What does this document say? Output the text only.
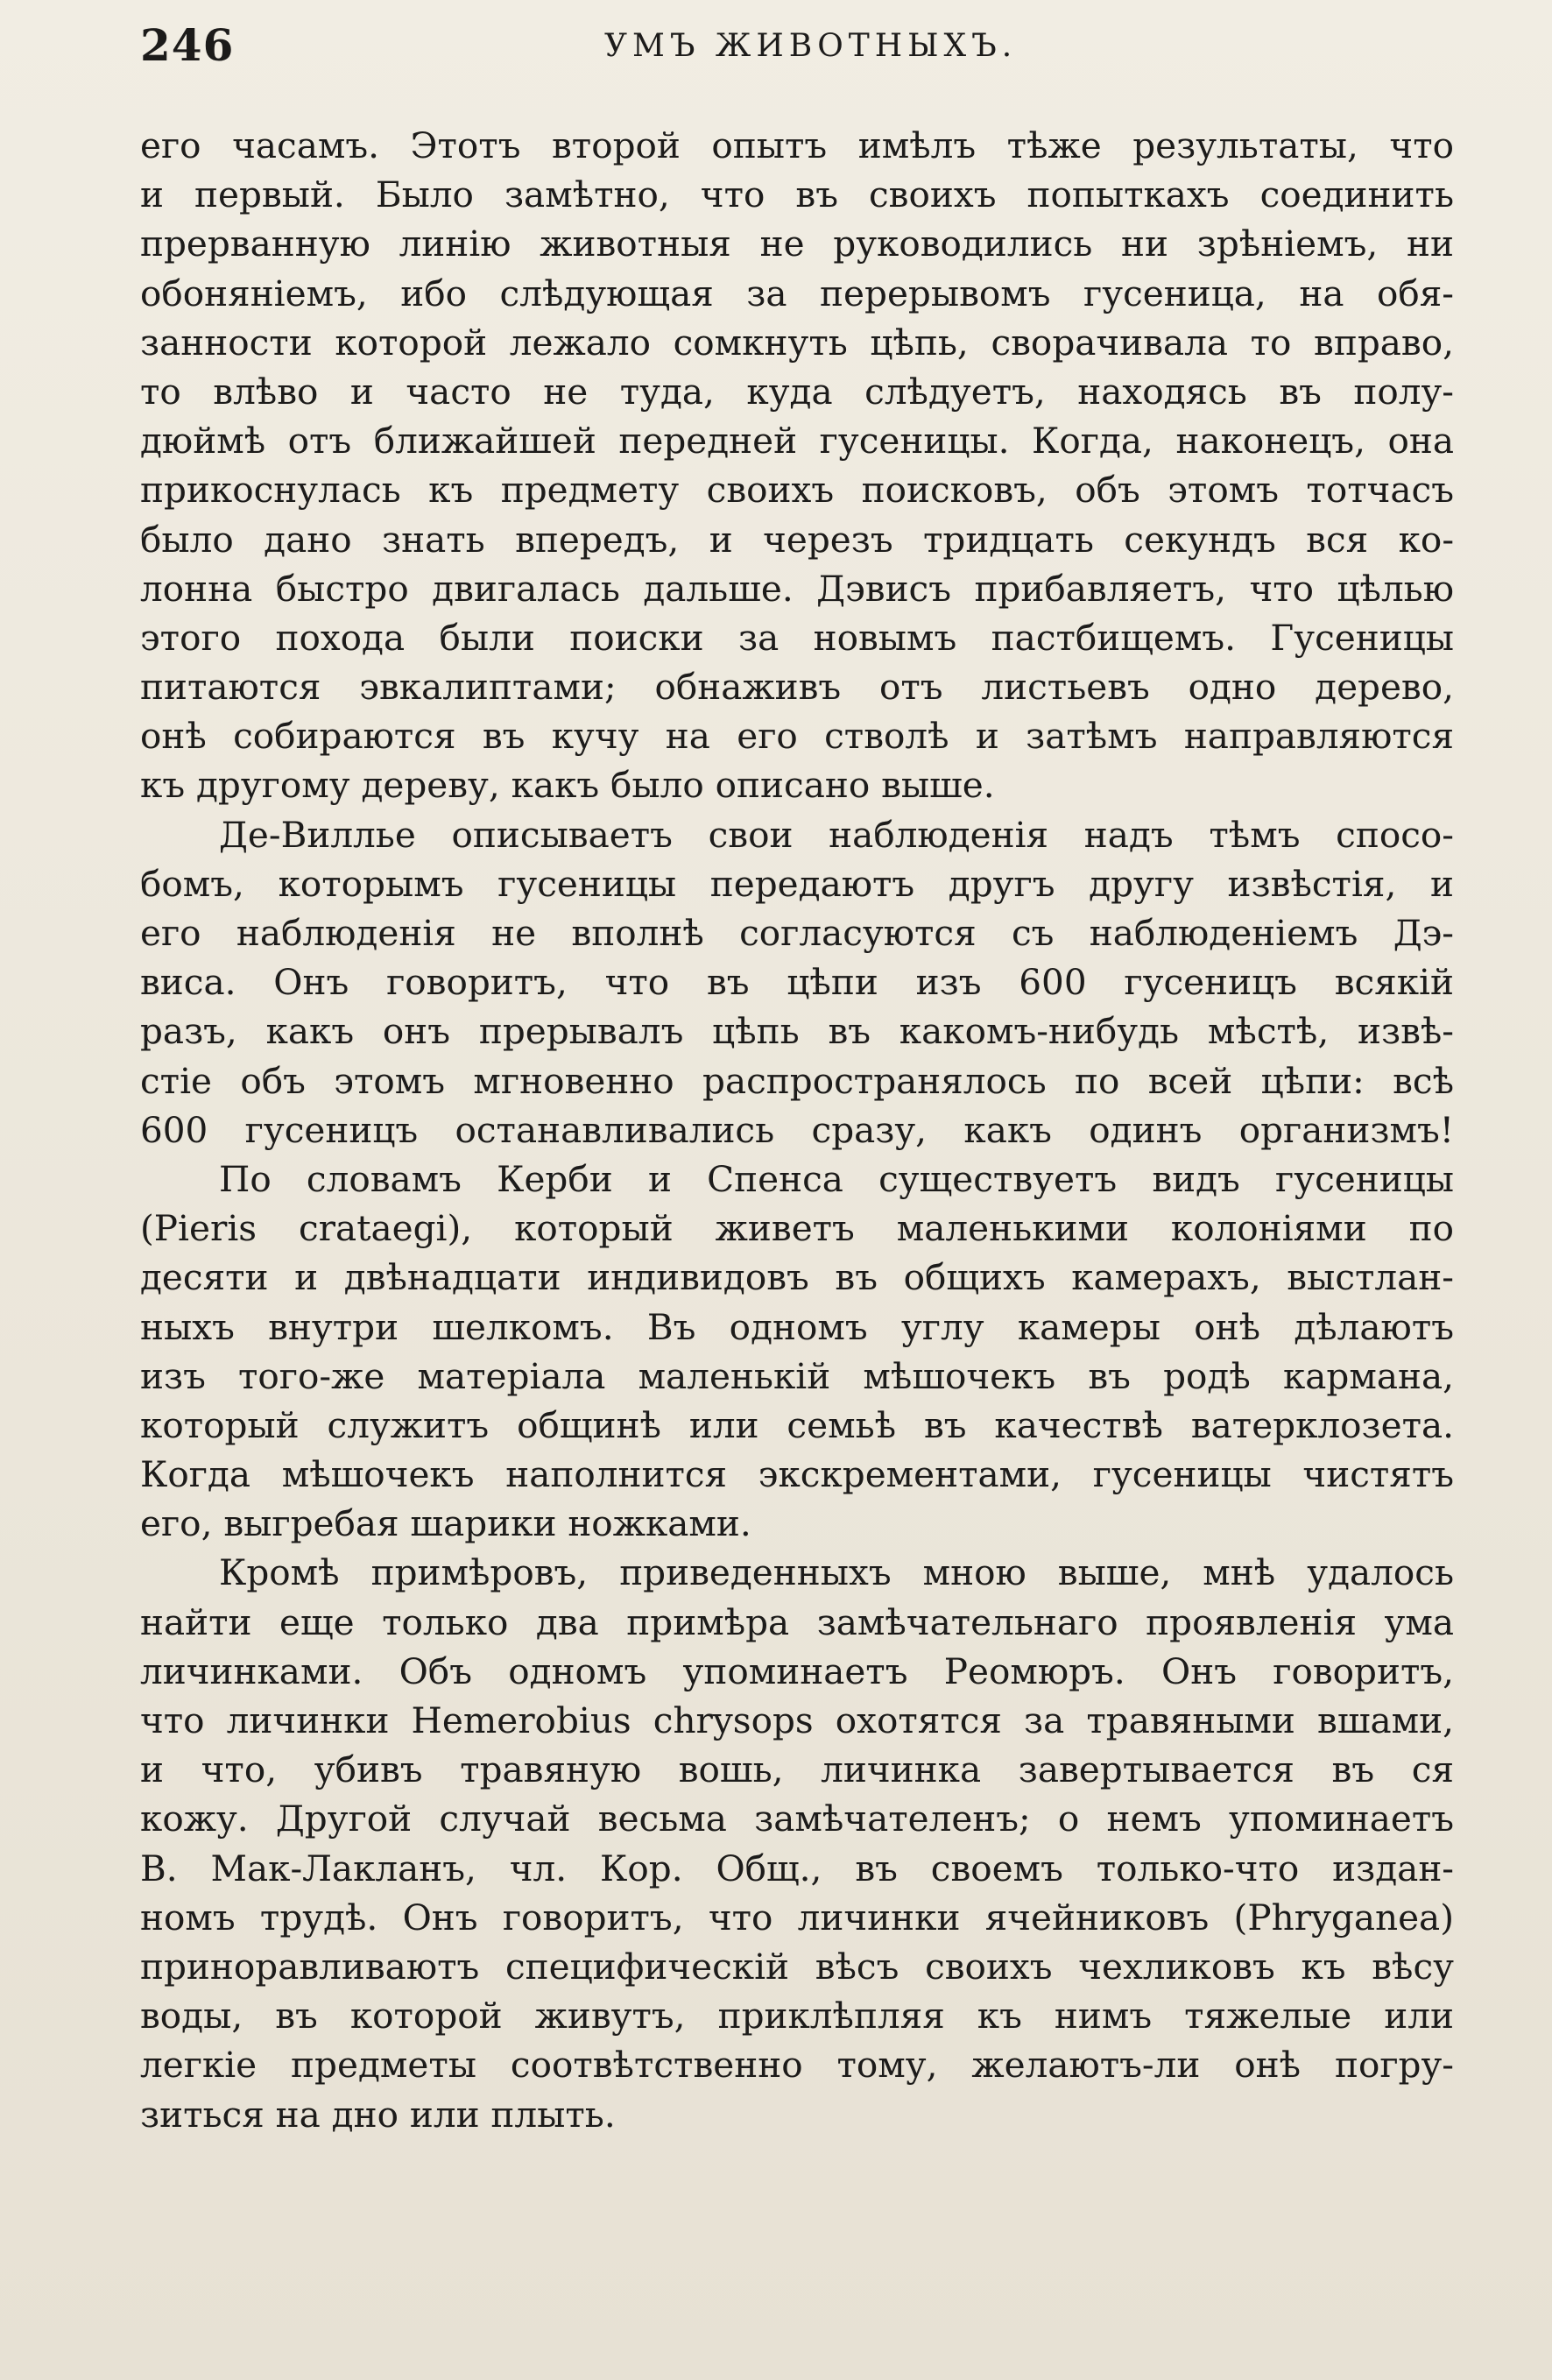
246	УМЪ ЖИВОТНЫХЪ.

его часамъ. Этотъ второй опытъ имѣлъ тѣже результаты, что
и первый. Было замѣтно, что въ своихъ попыткахъ соединить
прерванную линію животныя не руководились ни зрѣніемъ, ни
обоняніемъ, ибо слѣдующая за перерывомъ гусеница, на обя-
занности которой лежало сомкнуть цѣпь, сворачивала то вправо,
то влѣво и часто не туда, куда слѣдуетъ, находясь въ полу-
дюймѣ отъ ближайшей передней гусеницы. Когда, наконецъ, она
прикоснулась къ предмету своихъ поисковъ, объ этомъ тотчасъ
было дано знать впередъ, и черезъ тридцать секундъ вся ко-
лонна быстро двигалась дальше. Дэвисъ прибавляетъ, что цѣлью
этого похода были поиски за новымъ пастбищемъ. Гусеницы
питаются эвкалиптами; обнаживъ отъ листьевъ одно дерево,
онѣ собираются въ кучу на его стволѣ и затѣмъ направляются
къ другому дереву, какъ было описано выше.

Де-Вилльe описываетъ свои наблюденія надъ тѣмъ спосо-
бомъ, которымъ гусеницы передаютъ другъ другу извѣстія, и
его наблюденія не вполнѣ согласуются съ наблюденіемъ Дэ-
виса. Онъ говоритъ, что въ цѣпи изъ 600 гусеницъ всякій
разъ, какъ онъ прерывалъ цѣпь въ какомъ-нибудь мѣстѣ, извѣ-
стіе объ этомъ мгновенно распространялось по всей цѣпи: всѣ
600 гусеницъ останавливались сразу, какъ одинъ организмъ!

По словамъ Керби и Спенса существуетъ видъ гусеницы
(Pieris crataegi), который живетъ маленькими колоніями по
десяти и двѣнадцати индивидовъ въ общихъ камерахъ, выстлан-
ныхъ внутри шелкомъ. Въ одномъ углу камеры онѣ дѣлаютъ
изъ того-же матеріала маленькій мѣшочекъ въ родѣ кармана,
который служитъ общинѣ или семьѣ въ качествѣ ватерклозета.
Когда мѣшочекъ наполнится экскрементами, гусеницы чистятъ
его, выгребая шарики ножками.

Кромѣ примѣровъ, приведенныхъ мною выше, мнѣ удалось
найти еще только два примѣра замѣчательнаго проявленія ума
личинками. Объ одномъ упоминаетъ Реомюръ. Онъ говоритъ,
что личинки Hemerobius chrysops охотятся за травяными вшами,
и что, убивъ травяную вошь, личинка завертывается въ ся
кожу. Другой случай весьма замѣчателенъ; о немъ упоминаетъ
В. Мак-Лакланъ, чл. Кор. Общ., въ своемъ только-что издан-
номъ трудѣ. Онъ говоритъ, что личинки ячейниковъ (Phryganea)
приноравливаютъ специфическій вѣсъ своихъ чехликовъ къ вѣсу
воды, въ которой живутъ, приклѣпляя къ нимъ тяжелые или
легкіе предметы соотвѣтственно тому, желаютъ-ли онѣ погру-
зиться на дно или плыть.
